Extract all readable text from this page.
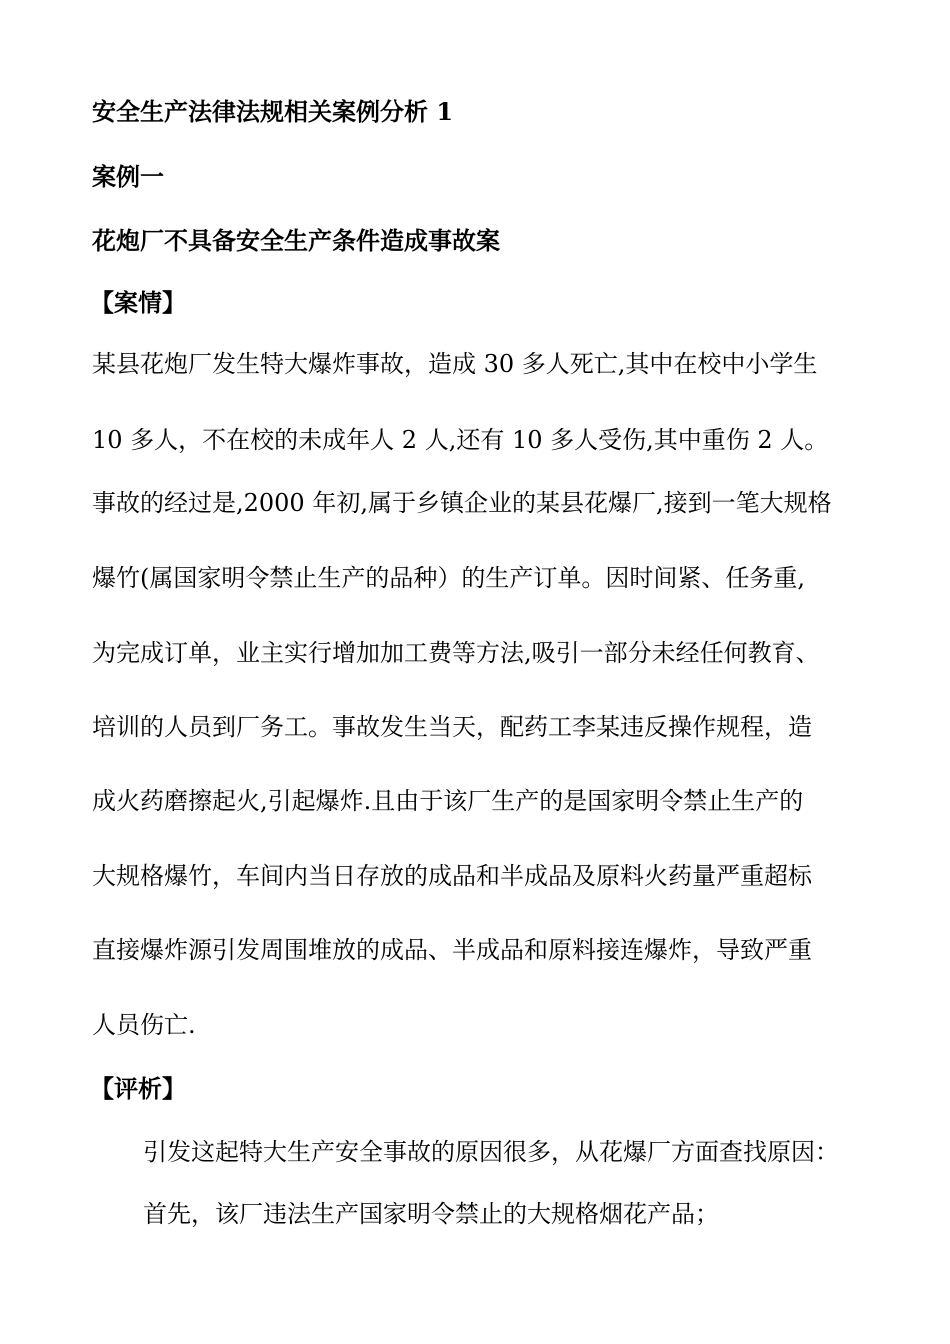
安全生产法律法规相关案例分析 1
案例一
花炮厂不具备安全生产条件造成事故案
【案情】
某县花炮厂发生特大爆炸事故，造成 30 多人死亡,其中在校中小学生
10 多人，不在校的未成年人 2 人,还有 10 多人受伤,其中重伤 2 人。
事故的经过是,2000 年初,属于乡镇企业的某县花爆厂,接到一笔大规格
爆竹(属国家明令禁止生产的品种）的生产订单。因时间紧、任务重,
为完成订单，业主实行增加加工费等方法,吸引一部分未经任何教育、
培训的人员到厂务工。事故发生当天，配药工李某违反操作规程，造
成火药磨擦起火,引起爆炸.且由于该厂生产的是国家明令禁止生产的
大规格爆竹，车间内当日存放的成品和半成品及原料火药量严重超标
直接爆炸源引发周围堆放的成品、半成品和原料接连爆炸，导致严重
人员伤亡.
【评析】
引发这起特大生产安全事故的原因很多，从花爆厂方面查找原因：
首先，该厂违法生产国家明令禁止的大规格烟花产品；
